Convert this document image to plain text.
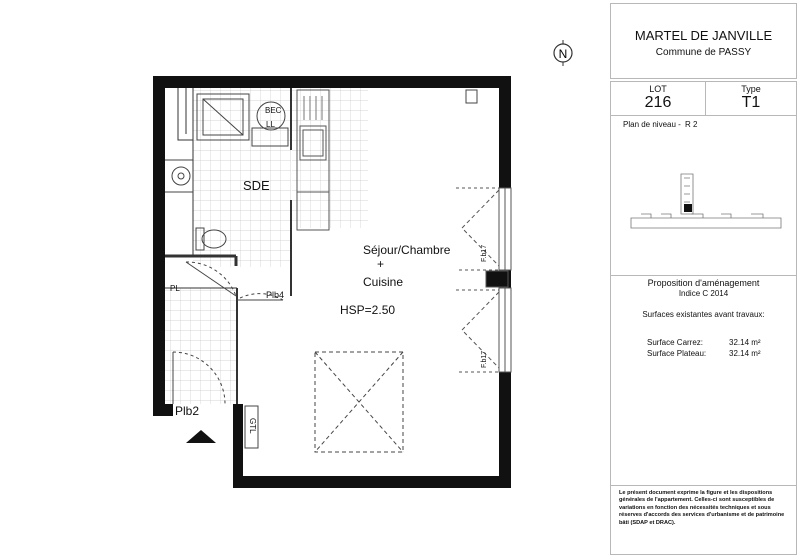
N
BEC
LL
SDE
Séjour/Chambre
+
Cuisine
HSP=2.50
PL
Plb4
Plb2
GTL
F.b17
F.b17
MARTEL DE JANVILLE
Commune de PASSY
LOT
216
Type
T1
Plan de niveau - R 2
Proposition d'aménagement
Indice C 2014
Surfaces existantes avant travaux:
Surface Carrez:	32.14 m²
Surface Plateau:	32.14 m²
Le présent document exprime la figure et les dispositions générales de l'appartement. Celles-ci sont susceptibles de variations en fonction des nécessités techniques et sous réserves d'accords des services d'urbanisme et de patrimoine bâti (SDAP et DRAC).
